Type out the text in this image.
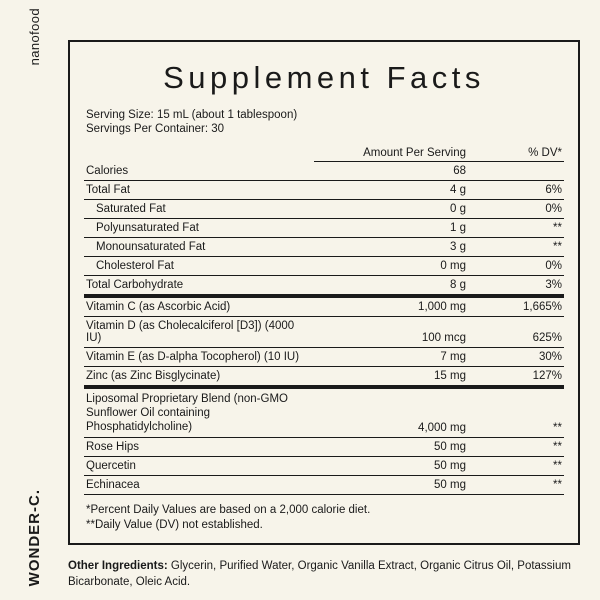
nanofood
WONDER-C.
Supplement Facts
Serving Size: 15 mL (about 1 tablespoon)
Servings Per Container: 30
	Amount Per Serving	% DV*
Calories	68	
Total Fat	4 g	6%
Saturated Fat	0 g	0%
Polyunsaturated Fat	1 g	**
Monounsaturated Fat	3 g	**
Cholesterol Fat	0 mg	0%
Total Carbohydrate	8 g	3%
Vitamin C (as Ascorbic Acid)	1,000 mg	1,665%
Vitamin D (as Cholecalciferol [D3]) (4000 IU)	100 mcg	625%
Vitamin E (as D-alpha Tocopherol) (10 IU)	7 mg	30%
Zinc (as Zinc Bisglycinate)	15 mg	127%
Liposomal Proprietary Blend (non-GMO
Sunflower Oil containing Phosphatidylcholine)	4,000 mg	**
Rose Hips	50 mg	**
Quercetin	50 mg	**
Echinacea	50 mg	**
*Percent Daily Values are based on a 2,000 calorie diet.
**Daily Value (DV) not established.
Other Ingredients: Glycerin, Purified Water, Organic Vanilla Extract, Organic Citrus Oil, Potassium Bicarbonate, Oleic Acid.
